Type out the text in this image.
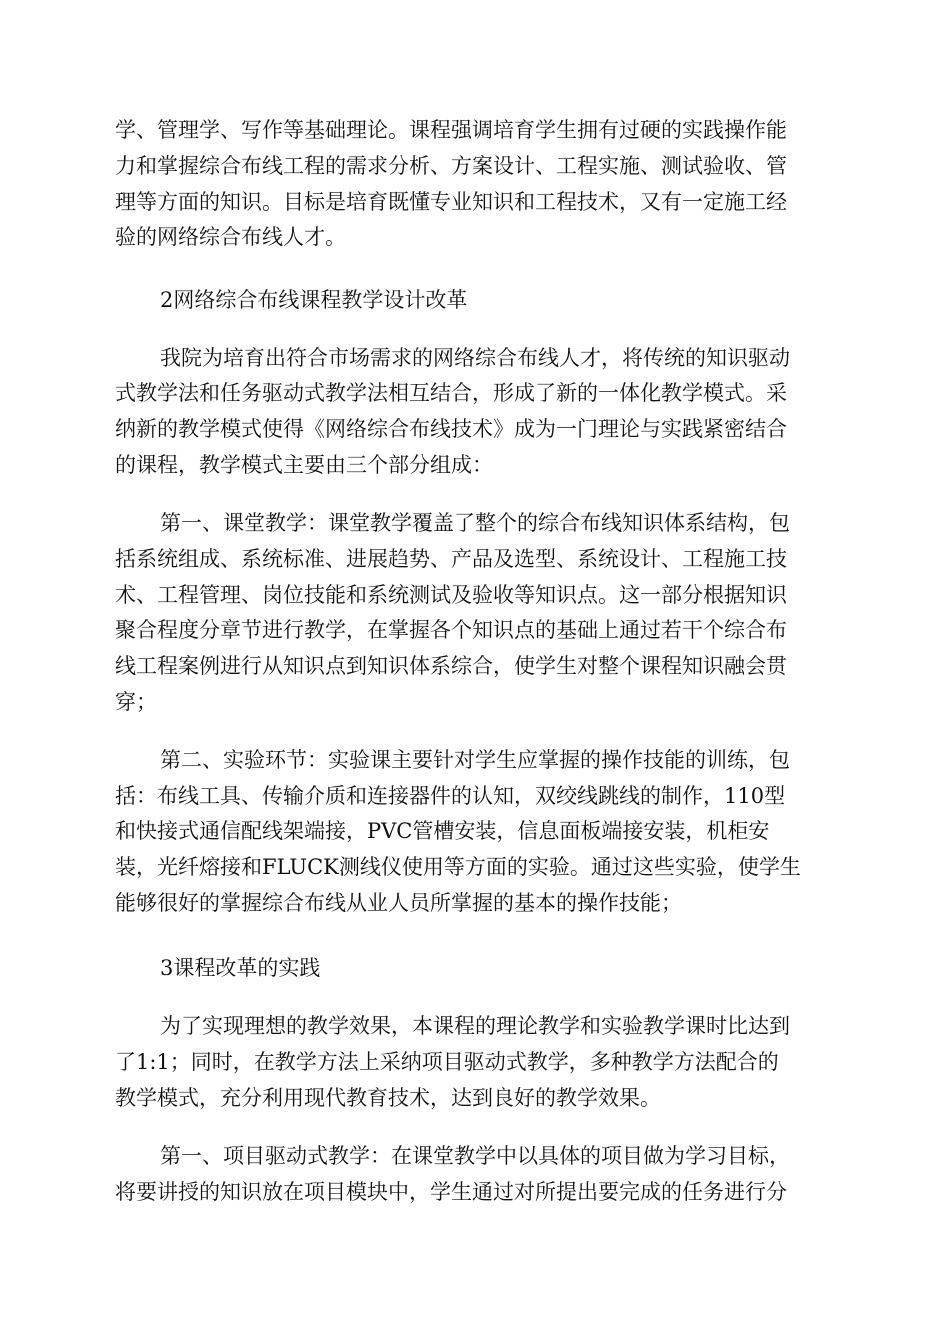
学、管理学、写作等基础理论。课程强调培育学生拥有过硬的实践操作能
力和掌握综合布线工程的需求分析、方案设计、工程实施、测试验收、管
理等方面的知识。目标是培育既懂专业知识和工程技术，又有一定施工经
验的网络综合布线人才。
2网络综合布线课程教学设计改革
我院为培育出符合市场需求的网络综合布线人才，将传统的知识驱动
式教学法和任务驱动式教学法相互结合，形成了新的一体化教学模式。采
纳新的教学模式使得《网络综合布线技术》成为一门理论与实践紧密结合
的课程，教学模式主要由三个部分组成：
第一、课堂教学：课堂教学覆盖了整个的综合布线知识体系结构，包
括系统组成、系统标准、进展趋势、产品及选型、系统设计、工程施工技
术、工程管理、岗位技能和系统测试及验收等知识点。这一部分根据知识
聚合程度分章节进行教学，在掌握各个知识点的基础上通过若干个综合布
线工程案例进行从知识点到知识体系综合，使学生对整个课程知识融会贯
穿；
第二、实验环节：实验课主要针对学生应掌握的操作技能的训练，包
括：布线工具、传输介质和连接器件的认知，双绞线跳线的制作，110型
和快接式通信配线架端接，PVC管槽安装，信息面板端接安装，机柜安
装，光纤熔接和FLUCK测线仪使用等方面的实验。通过这些实验，使学生
能够很好的掌握综合布线从业人员所掌握的基本的操作技能；
3课程改革的实践
为了实现理想的教学效果，本课程的理论教学和实验教学课时比达到
了1:1；同时，在教学方法上采纳项目驱动式教学，多种教学方法配合的
教学模式，充分利用现代教育技术，达到良好的教学效果。
第一、项目驱动式教学：在课堂教学中以具体的项目做为学习目标，
将要讲授的知识放在项目模块中，学生通过对所提出要完成的任务进行分
